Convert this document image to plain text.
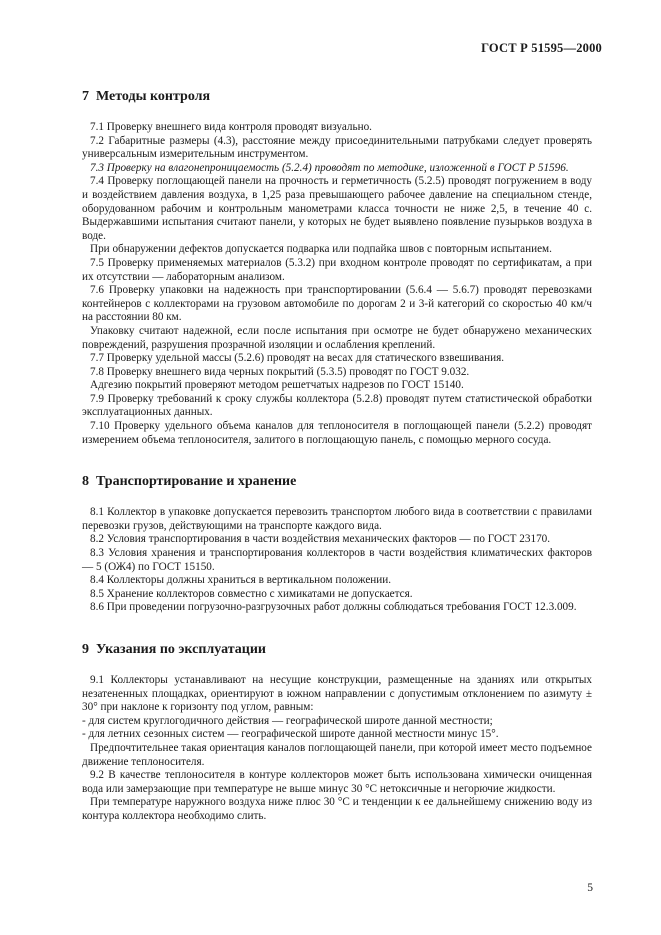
ГОСТ Р 51595—2000
7 Методы контроля

7.1 Проверку внешнего вида контроля проводят визуально.

7.2 Габаритные размеры (4.3), расстояние между присоединительными патрубками следует проверять универсальным измерительным инструментом.

7.3 Проверку на влагонепроницаемость (5.2.4) проводят по методике, изложенной в ГОСТ Р 51596.

7.4 Проверку поглощающей панели на прочность и герметичность (5.2.5) проводят погружением в воду и воздействием давления воздуха, в 1,25 раза превышающего рабочее давление на специальном стенде, оборудованном рабочим и контрольным манометрами класса точности не ниже 2,5, в течение 40 с. Выдержавшими испытания считают панели, у которых не будет выявлено появление пузырьков воздуха в воде.

При обнаружении дефектов допускается подварка или подпайка швов с повторным испытанием.

7.5 Проверку применяемых материалов (5.3.2) при входном контроле проводят по сертификатам, а при их отсутствии — лабораторным анализом.

7.6 Проверку упаковки на надежность при транспортировании (5.6.4 — 5.6.7) проводят перевозками контейнеров с коллекторами на грузовом автомобиле по дорогам 2 и 3-й категорий со скоростью 40 км/ч на расстоянии 80 км.

Упаковку считают надежной, если после испытания при осмотре не будет обнаружено механических повреждений, разрушения прозрачной изоляции и ослабления креплений.

7.7 Проверку удельной массы (5.2.6) проводят на весах для статического взвешивания.

7.8 Проверку внешнего вида черных покрытий (5.3.5) проводят по ГОСТ 9.032.

Адгезию покрытий проверяют методом решетчатых надрезов по ГОСТ 15140.

7.9 Проверку требований к сроку службы коллектора (5.2.8) проводят путем статистической обработки эксплуатационных данных.

7.10 Проверку удельного объема каналов для теплоносителя в поглощающей панели (5.2.2) проводят измерением объема теплоносителя, залитого в поглощающую панель, с помощью мерного сосуда.

8 Транспортирование и хранение

8.1 Коллектор в упаковке допускается перевозить транспортом любого вида в соответствии с правилами перевозки грузов, действующими на транспорте каждого вида.

8.2 Условия транспортирования в части воздействия механических факторов — по ГОСТ 23170.

8.3 Условия хранения и транспортирования коллекторов в части воздействия климатических факторов — 5 (ОЖ4) по ГОСТ 15150.

8.4 Коллекторы должны храниться в вертикальном положении.

8.5 Хранение коллекторов совместно с химикатами не допускается.

8.6 При проведении погрузочно-разгрузочных работ должны соблюдаться требования ГОСТ 12.3.009.

9 Указания по эксплуатации

9.1 Коллекторы устанавливают на несущие конструкции, размещенные на зданиях или открытых незатененных площадках, ориентируют в южном направлении с допустимым отклонением по азимуту ± 30° при наклоне к горизонту под углом, равным:

- для систем круглогодичного действия — географической широте данной местности;

- для летних сезонных систем — географической широте данной местности минус 15°.

Предпочтительнее такая ориентация каналов поглощающей панели, при которой имеет место подъемное движение теплоносителя.

9.2 В качестве теплоносителя в контуре коллекторов может быть использована химически очищенная вода или замерзающие при температуре не выше минус 30 °С нетоксичные и негорючие жидкости.

При температуре наружного воздуха ниже плюс 30 °С и тенденции к ее дальнейшему снижению воду из контура коллектора необходимо слить.

5
